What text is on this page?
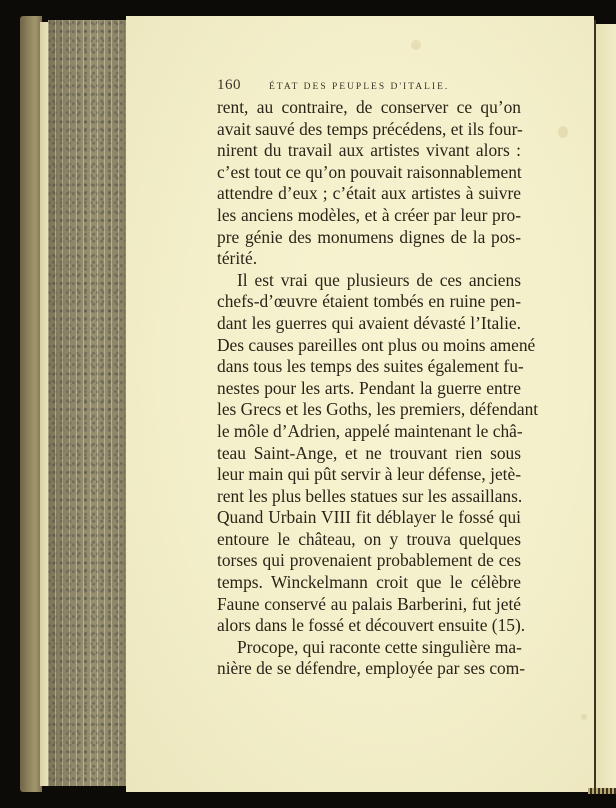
160	ÉTAT DES PEUPLES D'ITALIE.
rent, au contraire, de conserver ce qu’on
avait sauvé des temps précédens, et ils four-
nirent du travail aux artistes vivant alors :
c’est tout ce qu’on pouvait raisonnablement
attendre d’eux ; c’était aux artistes à suivre
les anciens modèles, et à créer par leur pro-
pre génie des monumens dignes de la pos-
térité.
Il est vrai que plusieurs de ces anciens
chefs-d’œuvre étaient tombés en ruine pen-
dant les guerres qui avaient dévasté l’Italie.
Des causes pareilles ont plus ou moins amené
dans tous les temps des suites également fu-
nestes pour les arts. Pendant la guerre entre
les Grecs et les Goths, les premiers, défendant
le môle d’Adrien, appelé maintenant le châ-
teau Saint-Ange, et ne trouvant rien sous
leur main qui pût servir à leur défense, jetè-
rent les plus belles statues sur les assaillans.
Quand Urbain VIII fit déblayer le fossé qui
entoure le château, on y trouva quelques
torses qui provenaient probablement de ces
temps. Winckelmann croit que le célèbre
Faune conservé au palais Barberini, fut jeté
alors dans le fossé et découvert ensuite (15).
Procope, qui raconte cette singulière ma-
nière de se défendre, employée par ses com-
